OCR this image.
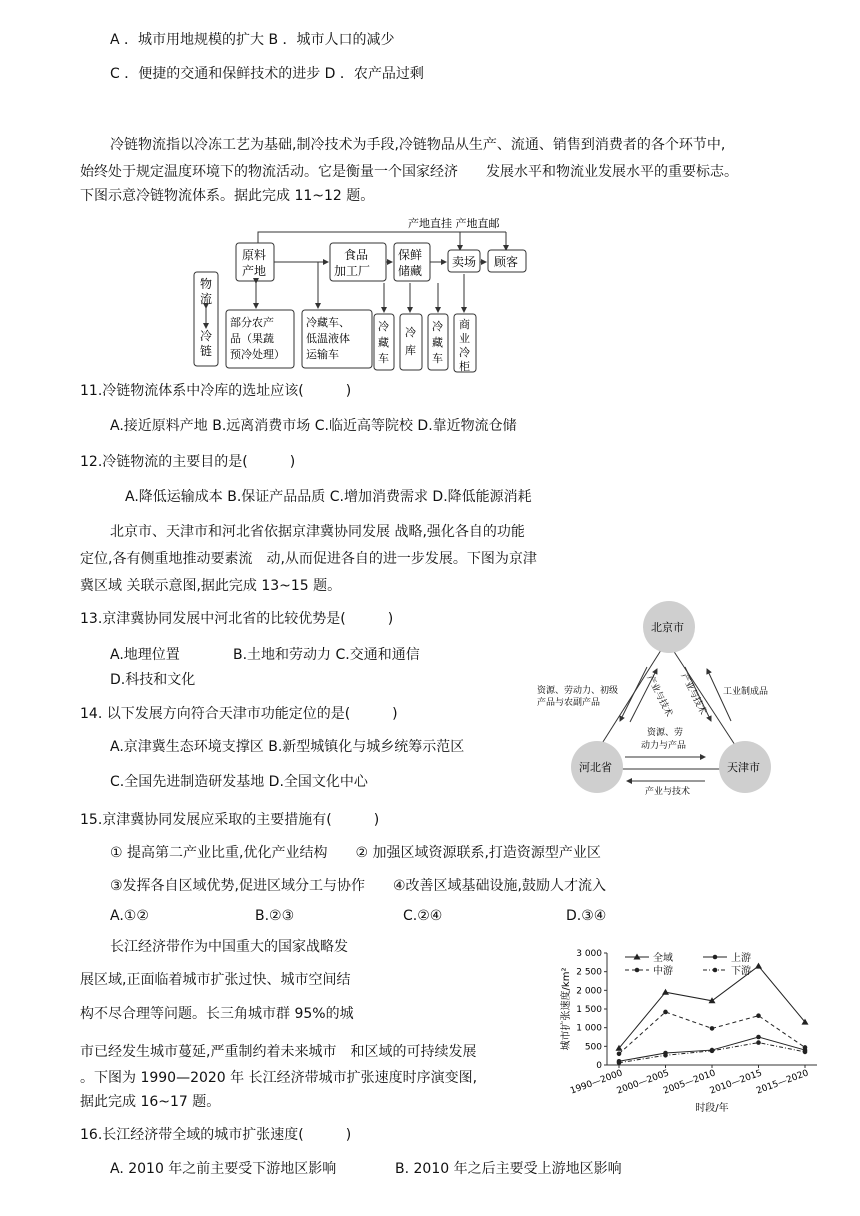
A ．城市用地规模的扩大 B ．城市人口的减少
C ．便捷的交通和保鲜技术的进步 D ．农产品过剩
冷链物流指以冷冻工艺为基础,制冷技术为手段,冷链物品从生产、流通、销售到消费者的各个环节中,
始终处于规定温度环境下的物流活动。它是衡量一个国家经济　　发展水平和物流业发展水平的重要标志。
下图示意冷链物流体系。据此完成 11~12 题。
产地直挂 产地直邮
物流
冷链
原料产地
食品加工厂
保鲜储藏
卖场 顾客
部分农产品（果蔬预冷处理）
冷藏车、低温液体运输车
冷藏车
冷库
冷藏车
商业冷柜
11.冷链物流体系中冷库的选址应该(　　　)
A.接近原料产地 B.远离消费市场 C.临近高等院校 D.靠近物流仓储
12.冷链物流的主要目的是(　　　)
A.降低运输成本 B.保证产品品质 C.增加消费需求 D.降低能源消耗
北京市、天津市和河北省依据京津冀协同发展 战略,强化各自的功能
定位,各有侧重地推动要素流　动,从而促进各自的进一步发展。下图为京津
冀区域 关联示意图,据此完成 13~15 题。
北京市
河北省	天津市
资源、劳动力、初级产品与农副产品	产业与技术 产业与技术 工业制成品
资源、劳动力与产品
产业与技术
13.京津冀协同发展中河北省的比较优势是(　　　)
A.地理位置	B.土地和劳动力 C.交通和通信
D.科技和文化
14. 以下发展方向符合天津市功能定位的是(　　　)
A.京津冀生态环境支撑区 B.新型城镇化与城乡统筹示范区
C.全国先进制造研发基地 D.全国文化中心
15.京津冀协同发展应采取的主要措施有(　　　)
① 提高第二产业比重,优化产业结构　　② 加强区域资源联系,打造资源型产业区
③发挥各自区域优势,促进区域分工与协作　　④改善区域基础设施,鼓励人才流入
A.①②	B.②③	C.②④	D.③④
长江经济带作为中国重大的国家战略发
展区域,正面临着城市扩张过快、城市空间结
构不尽合理等问题。长三角城市群 95%的城
市已经发生城市蔓延,严重制约着未来城市　和区域的可持续发展
。下图为 1990—2020 年 长江经济带城市扩张速度时序演变图,
据此完成 16~17 题。
0
500
1 000
1 500
2 000
2 500
3 000
1990—2000
2000—2005
2005—2010
2010—2015
2015—2020
时段/年
城市扩张速度/km²
全域	上游
中游	下游
16.长江经济带全域的城市扩张速度(　　　)
A. 2010 年之前主要受下游地区影响	B. 2010 年之后主要受上游地区影响
